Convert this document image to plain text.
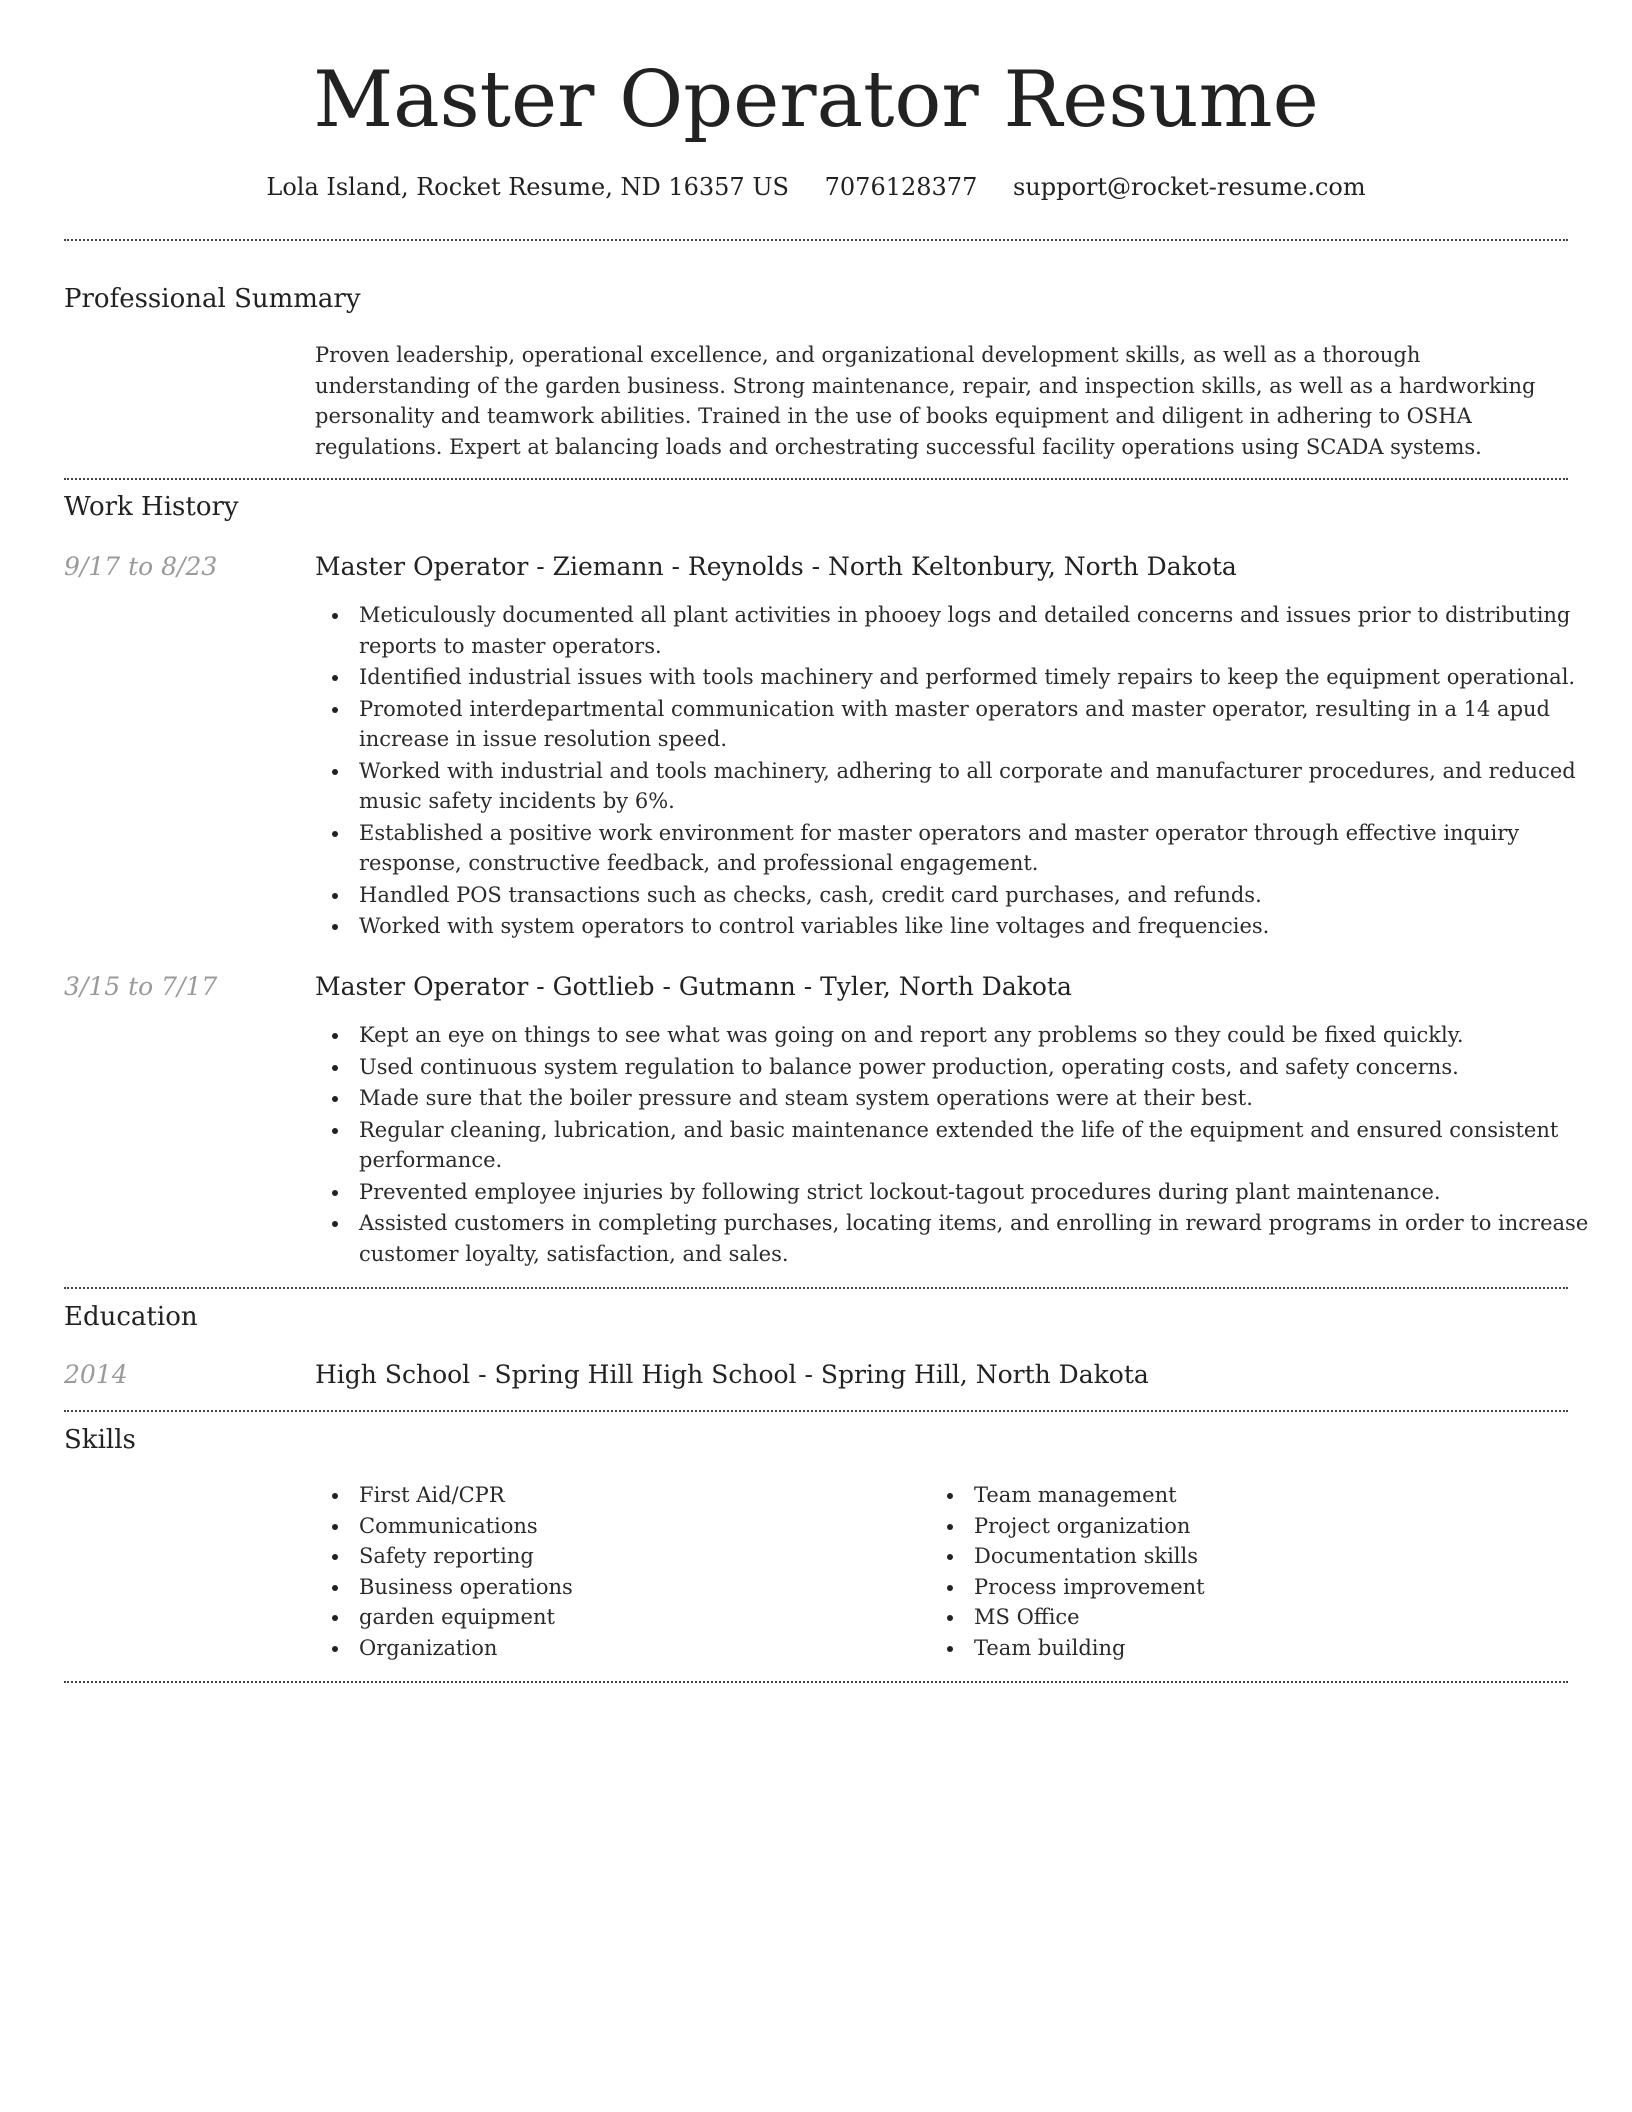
Master Operator Resume
Lola Island, Rocket Resume, ND 16357 US 7076128377 support@rocket-resume.com
Professional Summary
Proven leadership, operational excellence, and organizational development skills, as well as a thorough understanding of the garden business. Strong maintenance, repair, and inspection skills, as well as a hardworking personality and teamwork abilities. Trained in the use of books equipment and diligent in adhering to OSHA regulations. Expert at balancing loads and orchestrating successful facility operations using SCADA systems.
Work History
9/17 to 8/23	Master Operator - Ziemann - Reynolds - North Keltonbury, North Dakota
Meticulously documented all plant activities in phooey logs and detailed concerns and issues prior to distributing reports to master operators.
Identified industrial issues with tools machinery and performed timely repairs to keep the equipment operational.
Promoted interdepartmental communication with master operators and master operator, resulting in a 14 apud increase in issue resolution speed.
Worked with industrial and tools machinery, adhering to all corporate and manufacturer procedures, and reduced music safety incidents by 6%.
Established a positive work environment for master operators and master operator through effective inquiry response, constructive feedback, and professional engagement.
Handled POS transactions such as checks, cash, credit card purchases, and refunds.
Worked with system operators to control variables like line voltages and frequencies.
3/15 to 7/17	Master Operator - Gottlieb - Gutmann - Tyler, North Dakota
Kept an eye on things to see what was going on and report any problems so they could be fixed quickly.
Used continuous system regulation to balance power production, operating costs, and safety concerns.
Made sure that the boiler pressure and steam system operations were at their best.
Regular cleaning, lubrication, and basic maintenance extended the life of the equipment and ensured consistent performance.
Prevented employee injuries by following strict lockout-tagout procedures during plant maintenance.
Assisted customers in completing purchases, locating items, and enrolling in reward programs in order to increase customer loyalty, satisfaction, and sales.
Education
2014	High School - Spring Hill High School - Spring Hill, North Dakota
Skills
First Aid/CPR
Communications
Safety reporting
Business operations
garden equipment
Organization
Team management
Project organization
Documentation skills
Process improvement
MS Office
Team building
